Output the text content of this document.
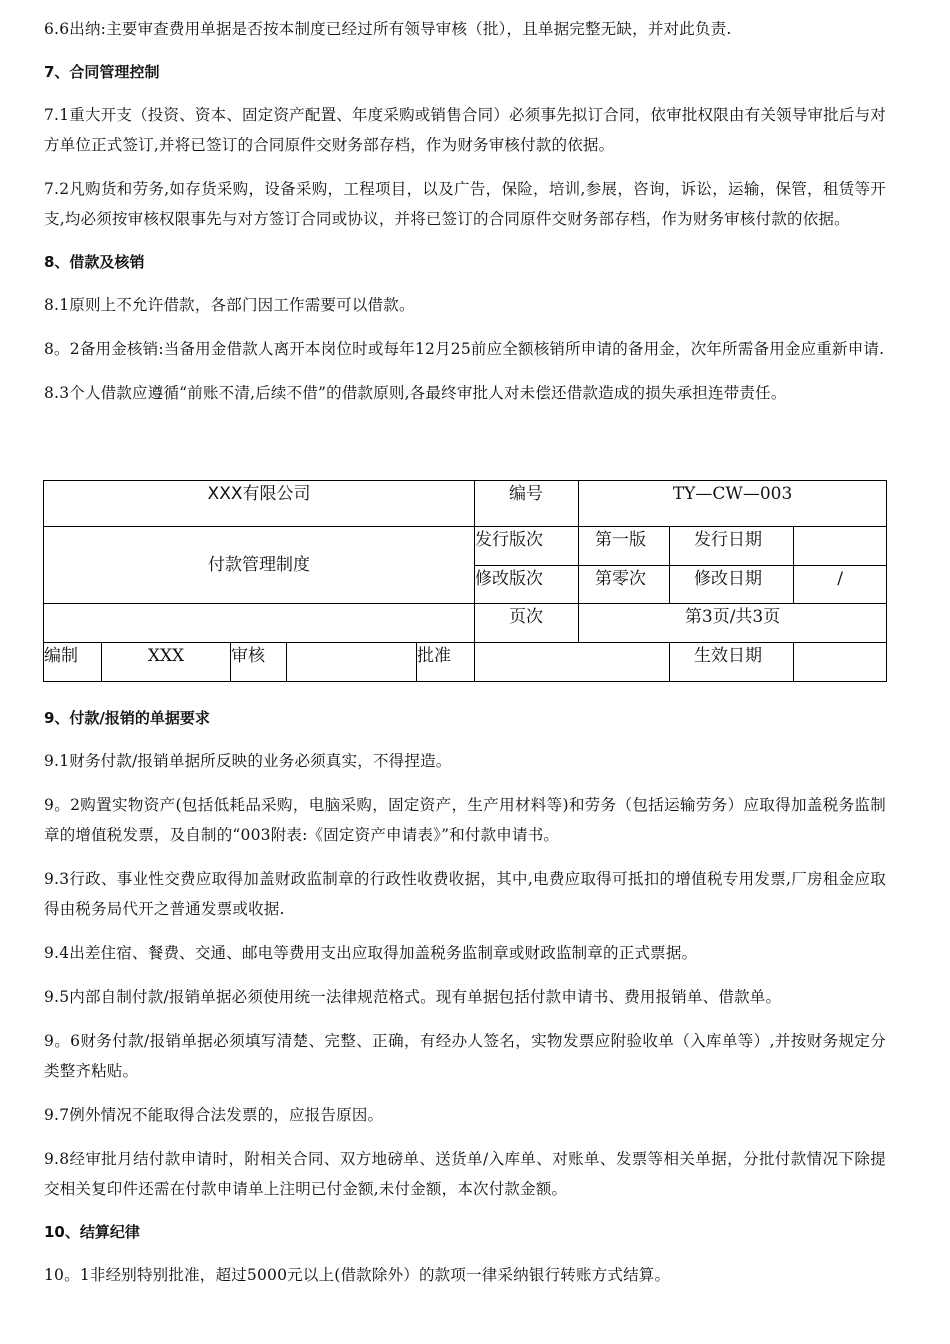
6.6出纳:主要审查费用单据是否按本制度已经过所有领导审核（批），且单据完整无缺，并对此负责.

7、合同管理控制

7.1重大开支（投资、资本、固定资产配置、年度采购或销售合同）必须事先拟订合同，依审批权限由有关领导审批后与对方单位正式签订,并将已签订的合同原件交财务部存档，作为财务审核付款的依据。

7.2凡购货和劳务,如存货采购，设备采购，工程项目，以及广告，保险，培训,参展，咨询，诉讼，运输，保管，租赁等开支,均必须按审核权限事先与对方签订合同或协议，并将已签订的合同原件交财务部存档，作为财务审核付款的依据。

8、借款及核销

8.1原则上不允许借款，各部门因工作需要可以借款。

8。2备用金核销:当备用金借款人离开本岗位时或每年12月25前应全额核销所申请的备用金，次年所需备用金应重新申请.

8.3个人借款应遵循“前账不清,后续不借”的借款原则,各最终审批人对未偿还借款造成的损失承担连带责任。

XXX有限公司					编号	TY—CW—003		
付款管理制度					发行版次	第一版	发行日期	
					修改版次	第零次	修改日期	/
					页次	第3页/共3页		
编制	XXX	审核		批准			生效日期	

9、付款/报销的单据要求

9.1财务付款/报销单据所反映的业务必须真实，不得捏造。

9。2购置实物资产(包括低耗品采购，电脑采购，固定资产，生产用材料等)和劳务（包括运输劳务）应取得加盖税务监制章的增值税发票，及自制的“003附表:《固定资产申请表》”和付款申请书。

9.3行政、事业性交费应取得加盖财政监制章的行政性收费收据，其中,电费应取得可抵扣的增值税专用发票,厂房租金应取得由税务局代开之普通发票或收据.

9.4出差住宿、餐费、交通、邮电等费用支出应取得加盖税务监制章或财政监制章的正式票据。

9.5内部自制付款/报销单据必须使用统一法律规范格式。现有单据包括付款申请书、费用报销单、借款单。

9。6财务付款/报销单据必须填写清楚、完整、正确，有经办人签名，实物发票应附验收单（入库单等）,并按财务规定分类整齐粘贴。

9.7例外情况不能取得合法发票的，应报告原因。

9.8经审批月结付款申请时，附相关合同、双方地磅单、送货单/入库单、对账单、发票等相关单据，分批付款情况下除提交相关复印件还需在付款申请单上注明已付金额,未付金额，本次付款金额。

10、结算纪律

10。1非经别特别批准，超过5000元以上(借款除外）的款项一律采纳银行转账方式结算。
